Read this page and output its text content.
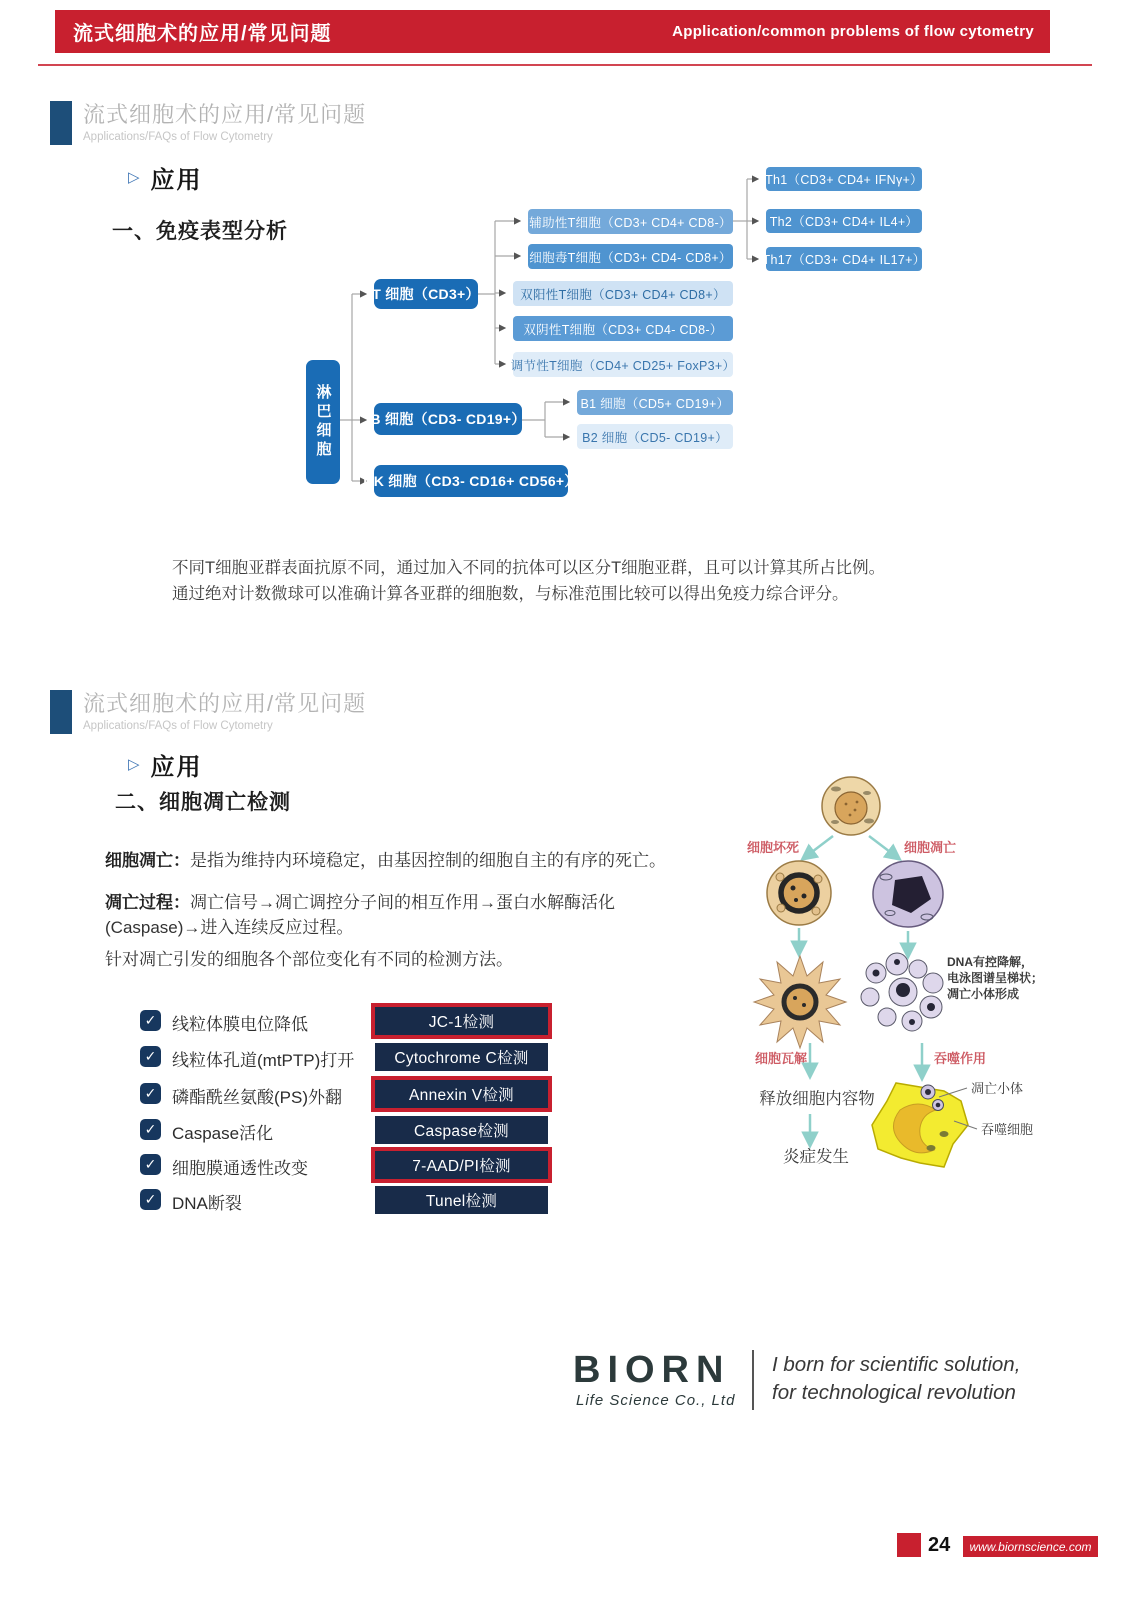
流式细胞术的应用/常见问题	Application/common problems of flow cytometry
流式细胞术的应用/常见问题
Applications/FAQs of Flow Cytometry
▷ 应用
一、免疫表型分析
淋巴细胞
T 细胞（CD3+）
B 细胞（CD3- CD19+）
NK 细胞（CD3- CD16+ CD56+）
辅助性T细胞（CD3+ CD4+ CD8-）
细胞毒T细胞（CD3+ CD4- CD8+）
双阳性T细胞（CD3+ CD4+ CD8+）
双阴性T细胞（CD3+ CD4- CD8-）
调节性T细胞（CD4+ CD25+ FoxP3+）
Th1（CD3+ CD4+ IFNγ+）
Th2（CD3+ CD4+ IL4+）
Th17（CD3+ CD4+ IL17+）
B1 细胞（CD5+ CD19+）
B2 细胞（CD5- CD19+）
不同T细胞亚群表面抗原不同，通过加入不同的抗体可以区分T细胞亚群，且可以计算其所占比例。
通过绝对计数微球可以准确计算各亚群的细胞数，与标准范围比较可以得出免疫力综合评分。
流式细胞术的应用/常见问题
Applications/FAQs of Flow Cytometry
▷ 应用
二、细胞凋亡检测
细胞凋亡：是指为维持内环境稳定，由基因控制的细胞自主的有序的死亡。
凋亡过程：凋亡信号→凋亡调控分子间的相互作用→蛋白水解酶活化
(Caspase)→进入连续反应过程。
针对凋亡引发的细胞各个部位变化有不同的检测方法。
✓ 线粒体膜电位降低	JC-1检测
✓ 线粒体孔道(mtPTP)打开	Cytochrome C检测
✓ 磷酯酰丝氨酸(PS)外翻	Annexin V检测
✓ Caspase活化	Caspase检测
✓ 细胞膜通透性改变	7-AAD/PI检测
✓ DNA断裂	Tunel检测
细胞坏死	细胞凋亡
DNA有控降解，
电泳图谱呈梯状；
凋亡小体形成
细胞瓦解	吞噬作用
释放细胞内容物
炎症发生
凋亡小体
吞噬细胞
BIORN
Life Science Co., Ltd
I born for scientific solution,
for technological revolution
24	www.biornscience.com
